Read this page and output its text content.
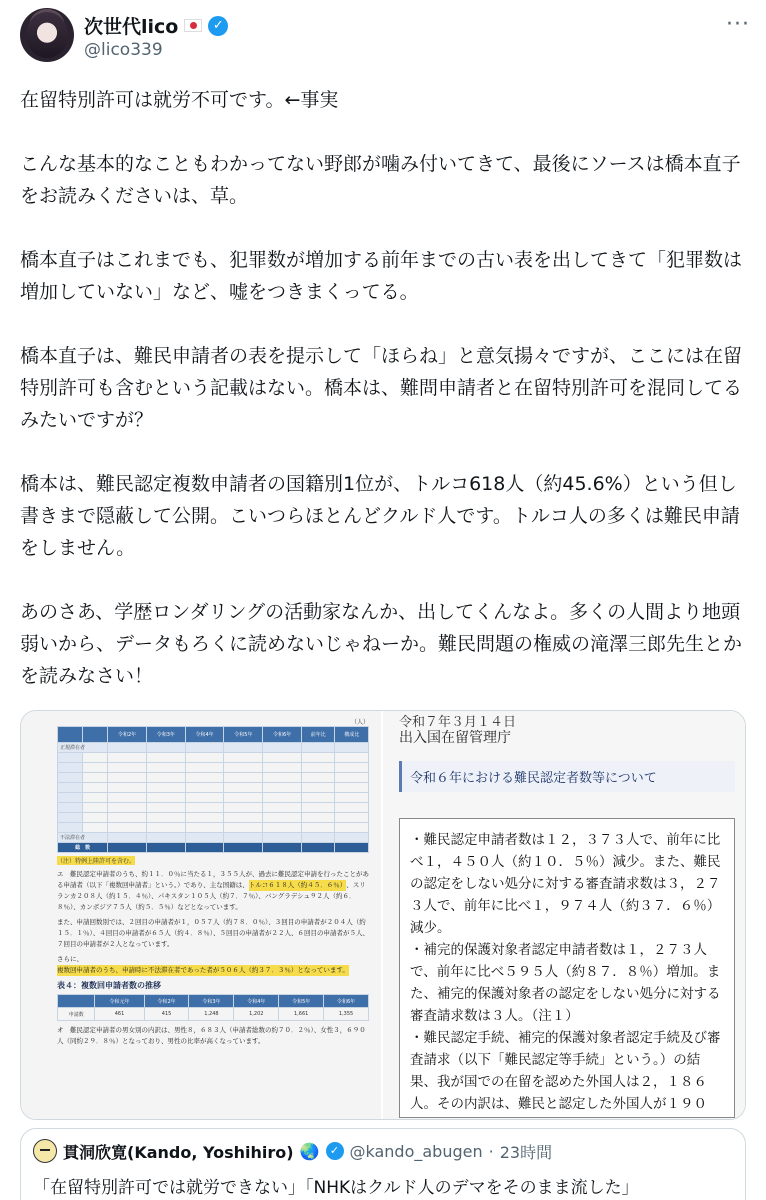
次世代lico	✓
@lico339
···

在留特別許可は就労不可です。←事実

こんな基本的なこともわかってない野郎が噛み付いてきて、最後にソースは橋本直子をお読みくださいは、草。

橋本直子はこれまでも、犯罪数が増加する前年までの古い表を出してきて「犯罪数は増加していない」など、嘘をつきまくってる。

橋本直子は、難民申請者の表を提示して「ほらね」と意気揚々ですが、ここには在留特別許可も含むという記載はない。橋本は、難問申請者と在留特別許可を混同してるみたいですが？

橋本は、難民認定複数申請者の国籍別1位が、トルコ618人（約45.6%）という但し書きまで隠蔽して公開。こいつらほとんどクルド人です。トルコ人の多くは難民申請をしません。

あのさあ、学歴ロンダリングの活動家なんか、出してくんなよ。多くの人間より地頭弱いから、データもろくに読めないじゃねーか。難民問題の権威の滝澤三郎先生とかを読みなさい！

（人）
		令和2年	令和3年	令和4年	令和5年	令和6年	前年比	構成比
正規滞在者								

不法滞在者								
総　数								
（注）特例上陸許可を含む。
エ　難民認定申請者のうち、約１１．０％に当たる１，３５５人が、過去に難民認定申請を行ったことがある申請者（以下「複数回申請者」という。）であり、主な国籍は、トルコ６１８人（約４５．６％）、スリランカ２０８人（約１５．４％）、パキスタン１０５人（約７．７％）、バングラデシュ９２人（約６．８％）、カンボジア７５人（約５．５％）などとなっています。
また、申請回数別では、２回目の申請者が１，０５７人（約７８．０％）、３回目の申請者が２０４人（約１５．１％）、４回目の申請者が６５人（約４．８％）、５回目の申請者が２２人、６回目の申請者が５人、７回目の申請者が２人となっています。
さらに、複数回申請者のうち、申請時に不法滞在者であった者が５０６人（約３７．３％）となっています。
表４：複数回申請者数の推移
	令和元年	令和2年	令和3年	令和4年	令和5年	令和6年
申請数	461	415	1,248	1,202	1,661	1,355
オ　難民認定申請者の男女別の内訳は、男性８，６８３人（申請者総数の約７０．２％）、女性３，６９０人（同約２９．８％）となっており、男性の比率が高くなっています。
令和７年３月１４日
出入国在留管理庁
令和６年における難民認定者数等について
・難民認定申請者数は１２，３７３人で、前年に比べ１，４５０人（約１０．５％）減少。また、難民の認定をしない処分に対する審査請求数は３，２７３人で、前年に比べ１，９７４人（約３７．６％）減少。
・補完的保護対象者認定申請者数は１，２７３人で、前年に比べ５９５人（約８７．８％）増加。また、補完的保護対象者の認定をしない処分に対する審査請求数は３人。（注１）
・難民認定手続、補完的保護対象者認定手続及び審査請求（以下「難民認定等手続」という。）の結果、我が国での在留を認めた外国人は２，１８６人。その内訳は、難民と認定した外国人が１９０
貫洞欣寛(Kando, Yoshihiro) 🌏 ✓ @kando_abugen · 23時間
「在留特別許可では就労できない」「NHKはクルド人のデマをそのまま流した」
